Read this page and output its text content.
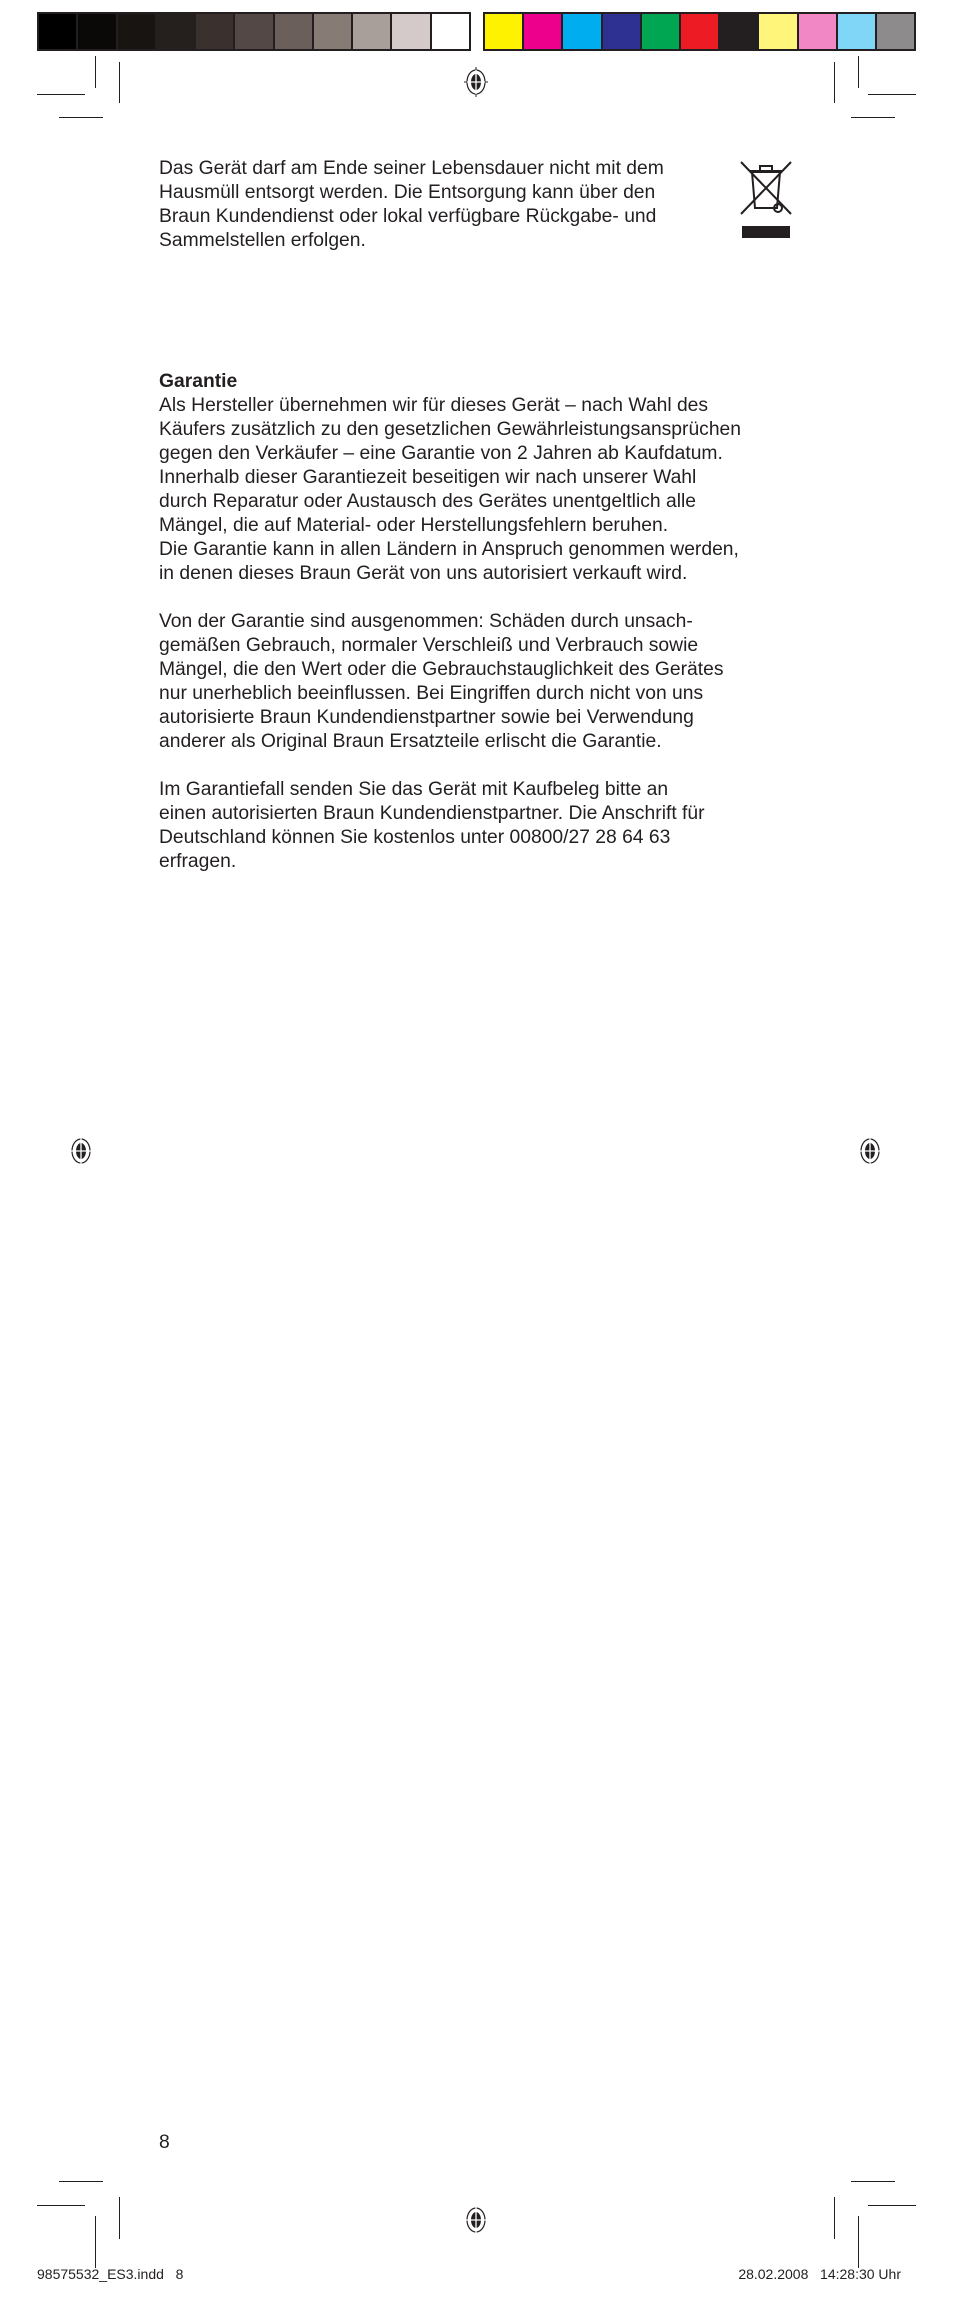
Das Gerät darf am Ende seiner Lebensdauer nicht mit dem
Hausmüll entsorgt werden. Die Entsorgung kann über den
Braun Kundendienst oder lokal verfügbare Rückgabe- und
Sammelstellen erfolgen.
Garantie
Als Hersteller übernehmen wir für dieses Gerät – nach Wahl des
Käufers zusätzlich zu den gesetzlichen Gewährleistungsansprüchen
gegen den Verkäufer – eine Garantie von 2 Jahren ab Kaufdatum.
Innerhalb dieser Garantiezeit beseitigen wir nach unserer Wahl
durch Reparatur oder Austausch des Gerätes unentgeltlich alle
Mängel, die auf Material- oder Herstellungsfehlern beruhen.
Die Garantie kann in allen Ländern in Anspruch genommen werden,
in denen dieses Braun Gerät von uns autorisiert verkauft wird.
Von der Garantie sind ausgenommen: Schäden durch unsach-
gemäßen Gebrauch, normaler Verschleiß und Verbrauch sowie
Mängel, die den Wert oder die Gebrauchstauglichkeit des Gerätes
nur unerheblich beeinflussen. Bei Eingriffen durch nicht von uns
autorisierte Braun Kundendienstpartner sowie bei Verwendung
anderer als Original Braun Ersatzteile erlischt die Garantie.
Im Garantiefall senden Sie das Gerät mit Kaufbeleg bitte an
einen autorisierten Braun Kundendienstpartner. Die Anschrift für
Deutschland können Sie kostenlos unter 00800/27 28 64 63
erfragen.
8
98575532_ES3.indd   8	28.02.2008   14:28:30 Uhr
